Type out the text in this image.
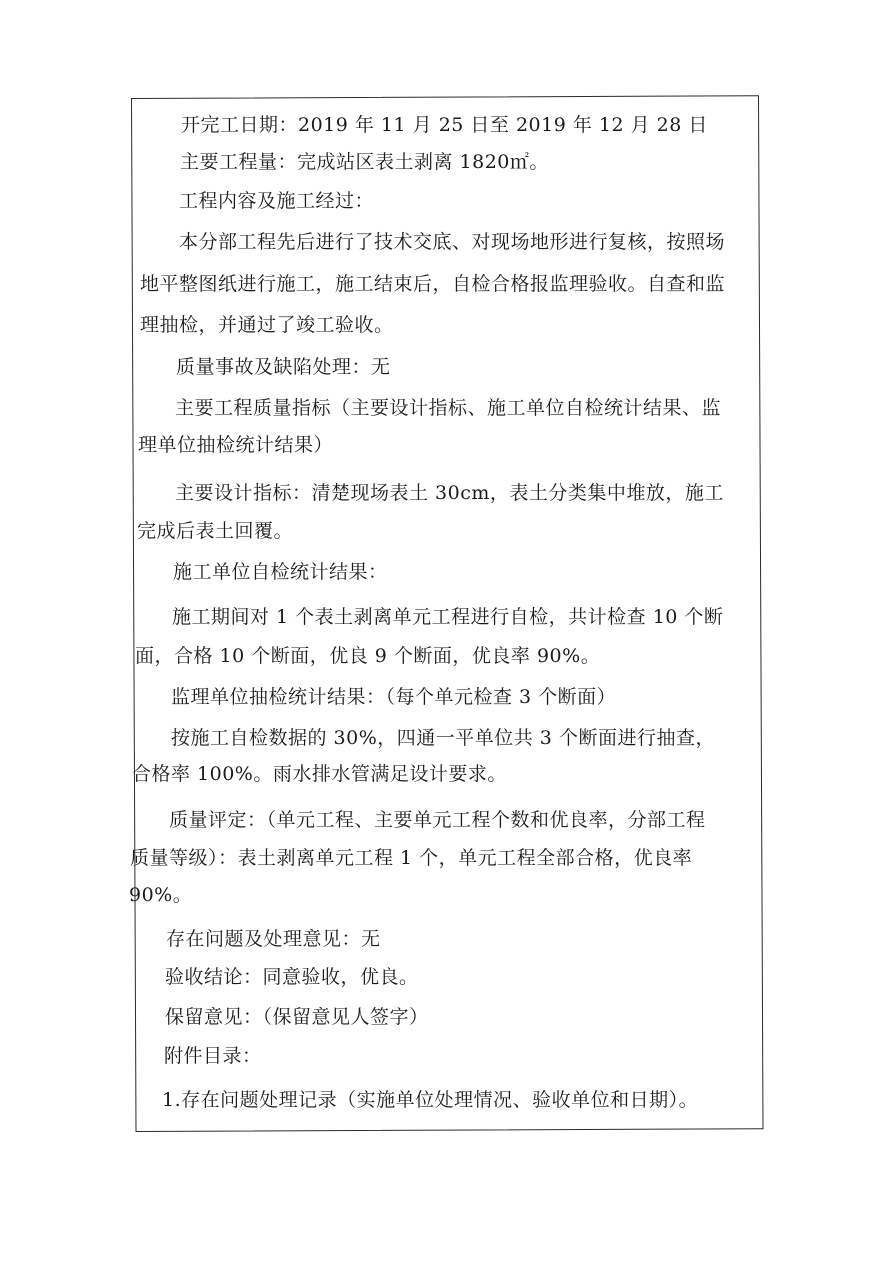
开完工日期：2019 年 11 月 25 日至 2019 年 12 月 28 日
主要工程量：完成站区表土剥离 1820㎡。
工程内容及施工经过：
本分部工程先后进行了技术交底、对现场地形进行复核，按照场
地平整图纸进行施工，施工结束后，自检合格报监理验收。自查和监
理抽检，并通过了竣工验收。
质量事故及缺陷处理：无
主要工程质量指标（主要设计指标、施工单位自检统计结果、监
理单位抽检统计结果）
主要设计指标：清楚现场表土 30cm，表土分类集中堆放，施工
完成后表土回覆。
施工单位自检统计结果：
施工期间对 1 个表土剥离单元工程进行自检，共计检查 10 个断
面，合格 10 个断面，优良 9 个断面，优良率 90%。
监理单位抽检统计结果：（每个单元检查 3 个断面）
按施工自检数据的 30%，四通一平单位共 3 个断面进行抽查，
合格率 100%。雨水排水管满足设计要求。
质量评定：（单元工程、主要单元工程个数和优良率，分部工程
质量等级）：表土剥离单元工程 1 个，单元工程全部合格，优良率
90%。
存在问题及处理意见：无
验收结论：同意验收，优良。
保留意见：（保留意见人签字）
附件目录：
1.存在问题处理记录（实施单位处理情况、验收单位和日期）。
